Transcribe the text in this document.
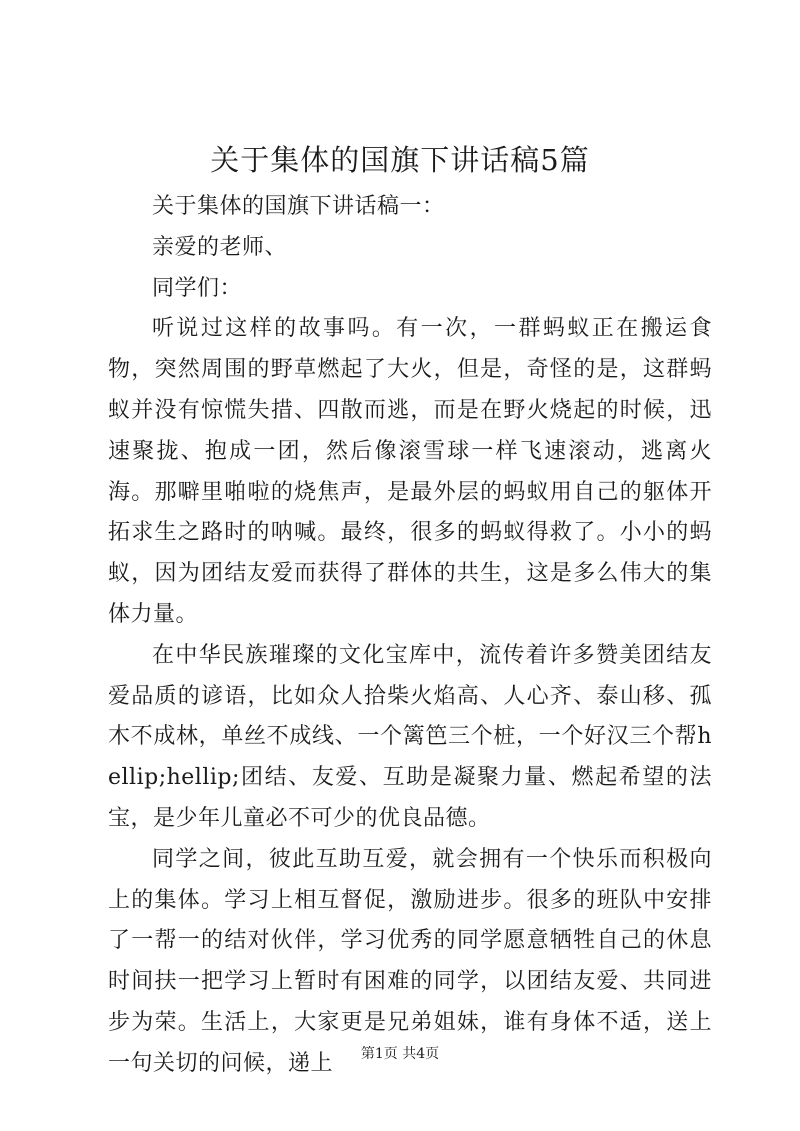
关于集体的国旗下讲话稿5篇

关于集体的国旗下讲话稿一：

亲爱的老师、

同学们：

听说过这样的故事吗。有一次，一群蚂蚁正在搬运食物，突然周围的野草燃起了大火，但是，奇怪的是，这群蚂蚁并没有惊慌失措、四散而逃，而是在野火烧起的时候，迅速聚拢、抱成一团，然后像滚雪球一样飞速滚动，逃离火海。那噼里啪啦的烧焦声，是最外层的蚂蚁用自己的躯体开拓求生之路时的呐喊。最终，很多的蚂蚁得救了。小小的蚂蚁，因为团结友爱而获得了群体的共生，这是多么伟大的集体力量。

在中华民族璀璨的文化宝库中，流传着许多赞美团结友爱品质的谚语，比如众人拾柴火焰高、人心齐、泰山移、孤木不成林，单丝不成线、一个篱笆三个桩，一个好汉三个帮hellip;hellip;团结、友爱、互助是凝聚力量、燃起希望的法宝，是少年儿童必不可少的优良品德。

同学之间，彼此互助互爱，就会拥有一个快乐而积极向上的集体。学习上相互督促，激励进步。很多的班队中安排了一帮一的结对伙伴，学习优秀的同学愿意牺牲自己的休息时间扶一把学习上暂时有困难的同学，以团结友爱、共同进步为荣。生活上，大家更是兄弟姐妹，谁有身体不适，送上一句关切的问候，递上	第1页 共4页
